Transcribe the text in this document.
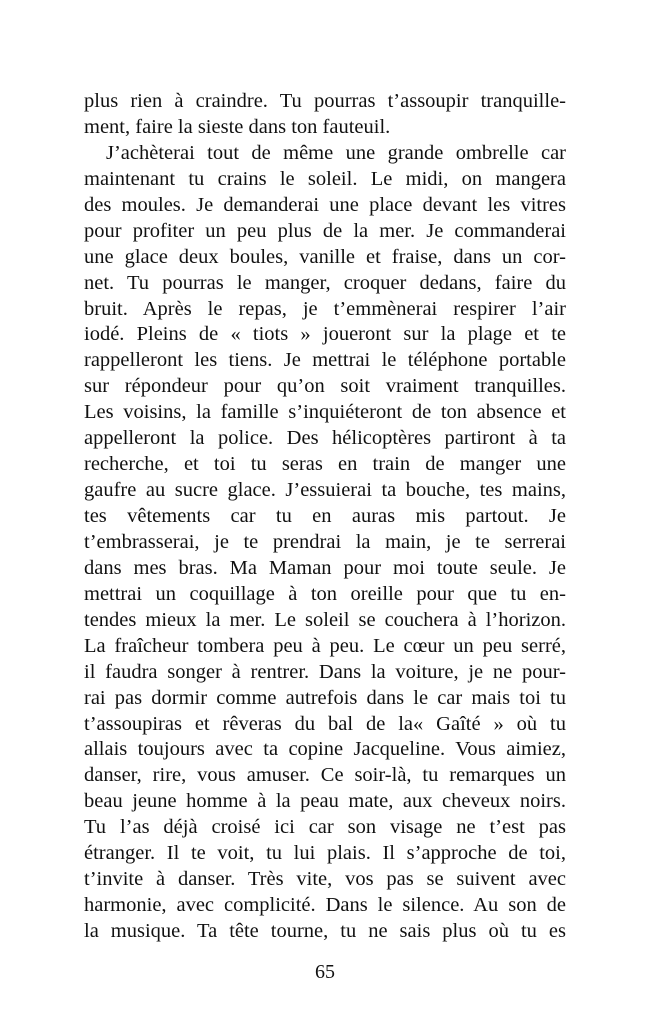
plus rien à craindre. Tu pourras t’assoupir tranquille-
ment, faire la sieste dans ton fauteuil.
J’achèterai tout de même une grande ombrelle car
maintenant tu crains le soleil. Le midi, on mangera
des moules. Je demanderai une place devant les vitres
pour profiter un peu plus de la mer. Je commanderai
une glace deux boules, vanille et fraise, dans un cor-
net. Tu pourras le manger, croquer dedans, faire du
bruit. Après le repas, je t’emmènerai respirer l’air
iodé. Pleins de « tiots » joueront sur la plage et te
rappelleront les tiens. Je mettrai le téléphone portable
sur répondeur pour qu’on soit vraiment tranquilles.
Les voisins, la famille s’inquiéteront de ton absence et
appelleront la police. Des hélicoptères partiront à ta
recherche, et toi tu seras en train de manger une
gaufre au sucre glace. J’essuierai ta bouche, tes mains,
tes vêtements car tu en auras mis partout. Je
t’embrasserai, je te prendrai la main, je te serrerai
dans mes bras. Ma Maman pour moi toute seule. Je
mettrai un coquillage à ton oreille pour que tu en-
tendes mieux la mer. Le soleil se couchera à l’horizon.
La fraîcheur tombera peu à peu. Le cœur un peu serré,
il faudra songer à rentrer. Dans la voiture, je ne pour-
rai pas dormir comme autrefois dans le car mais toi tu
t’assoupiras et rêveras du bal de la« Gaîté » où tu
allais toujours avec ta copine Jacqueline. Vous aimiez,
danser, rire, vous amuser. Ce soir-là, tu remarques un
beau jeune homme à la peau mate, aux cheveux noirs.
Tu l’as déjà croisé ici car son visage ne t’est pas
étranger. Il te voit, tu lui plais. Il s’approche de toi,
t’invite à danser. Très vite, vos pas se suivent avec
harmonie, avec complicité. Dans le silence. Au son de
la musique. Ta tête tourne, tu ne sais plus où tu es
65
